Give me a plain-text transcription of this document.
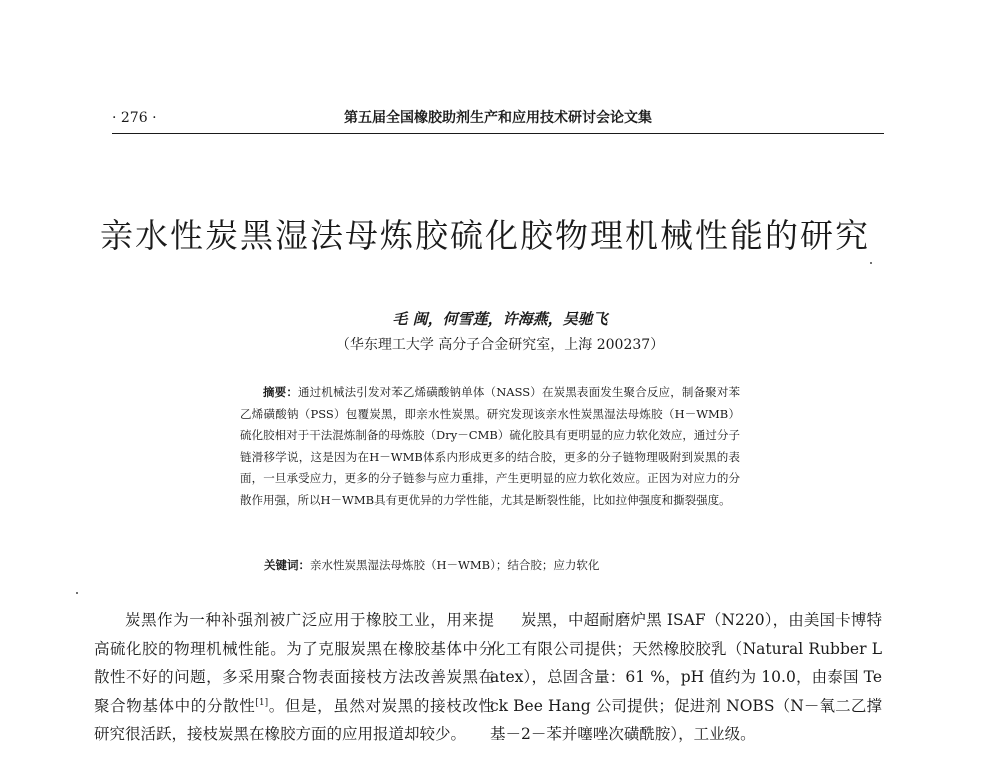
· 276 ·	第五届全国橡胶助剂生产和应用技术研讨会论文集
亲水性炭黑湿法母炼胶硫化胶物理机械性能的研究
毛 闽，何雪莲，许海燕，吴驰飞
（华东理工大学 高分子合金研究室，上海 200237）
摘要：通过机械法引发对苯乙烯磺酸钠单体（NASS）在炭黑表面发生聚合反应，制备聚对苯乙烯磺酸钠（PSS）包覆炭黑，即亲水性炭黑。研究发现该亲水性炭黑湿法母炼胶（H－WMB）硫化胶相对于干法混炼制备的母炼胶（Dry－CMB）硫化胶具有更明显的应力软化效应，通过分子链滑移学说，这是因为在H－WMB体系内形成更多的结合胶，更多的分子链物理吸附到炭黑的表面，一旦承受应力，更多的分子链参与应力重排，产生更明显的应力软化效应。正因为对应力的分散作用强，所以H－WMB具有更优异的力学性能，尤其是断裂性能，比如拉伸强度和撕裂强度。
关键词：亲水性炭黑湿法母炼胶（H－WMB）；结合胶；应力软化
炭黑作为一种补强剂被广泛应用于橡胶工业，用来提高硫化胶的物理机械性能。为了克服炭黑在橡胶基体中分散性不好的问题，多采用聚合物表面接枝方法改善炭黑在聚合物基体中的分散性[1]。但是，虽然对炭黑的接枝改性研究很活跃，接枝炭黑在橡胶方面的应用报道却较少。
炭黑，中超耐磨炉黑 ISAF（N220），由美国卡博特化工有限公司提供；天然橡胶胶乳（Natural Rubber Latex），总固含量：61 %，pH 值约为 10.0，由泰国 Teck Bee Hang 公司提供；促进剂 NOBS（N－氧二乙撑基－2－苯并噻唑次磺酰胺），工业级。
